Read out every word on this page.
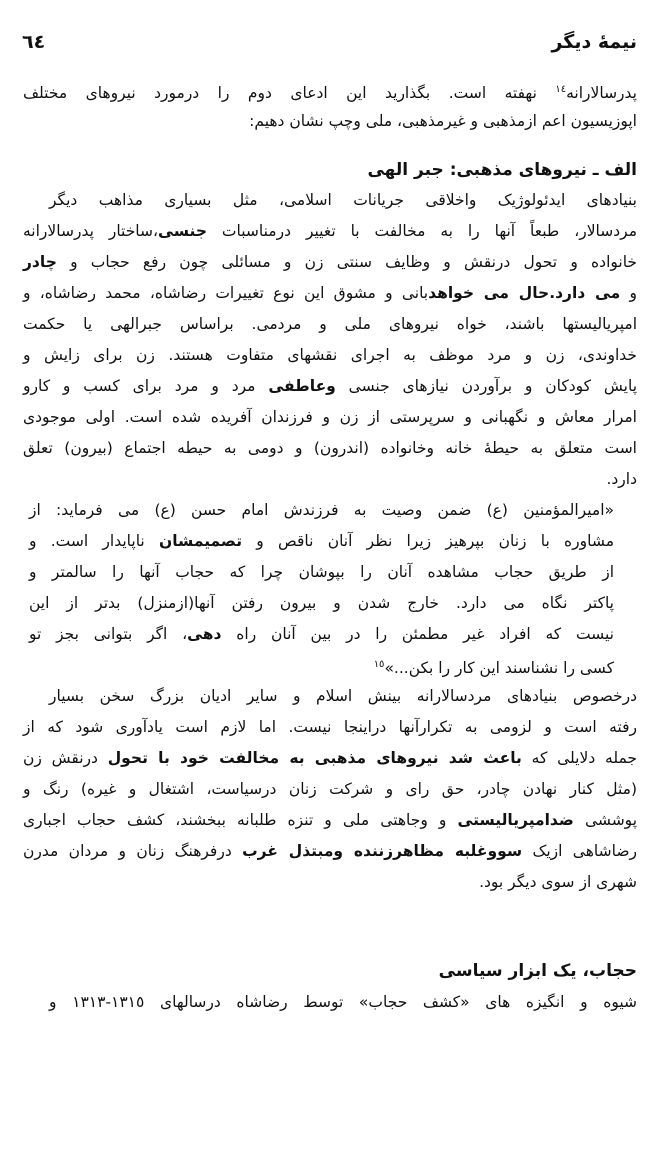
نیمهٔ دیگر
٦٤
پدرسالارانه$^{١٤}$ نهفته است. بگذارید این ادعای دوم را درمورد نیروهای مختلف
اپوزیسیون اعم ازمذهبی و غیرمذهبی، ملی وچپ نشان دهیم:
الف ـ نیروهای مذهبی: جبر الهی
بنیادهای ایدئولوژیک واخلاقی جریانات اسلامی، مثل بسیاری مذاهب دیگر
مردسالار، طبعاً آنها را به مخالفت با تغییر درمناسبات جنسی،ساختار پدرسالارانه
خانواده و تحول درنقش و وظایف سنتی زن و مسائلی چون رفع حجاب و چادر
و می دارد.حال می خواهدبانی و مشوق این نوع تغییرات رضاشاه، محمد رضاشاه، و
امپریالیستها باشند، خواه نیروهای ملی و مردمی. براساس جبرالهی یا حکمت
خداوندی، زن و مرد موظف به اجرای نقشهای متفاوت هستند. زن برای زایش و
پایش کودکان و برآوردن نیازهای جنسی وعاطفی مرد و مرد برای کسب و کارو
امرار معاش و نگهبانی و سرپرستی از زن و فرزندان آفریده شده است. اولی موجودی
است متعلق به حیطهٔ خانه وخانواده (اندرون) و دومی به حیطه اجتماع (بیرون) تعلق
دارد.
«امیرالمؤمنین (ع) ضمن وصیت به فرزندش امام حسن (ع) می فرماید: از
مشاوره با زنان بپرهیز زیرا نظر آنان ناقص و تصمیمشان ناپایدار است. و
از طریق حجاب مشاهده آنان را بپوشان چرا که حجاب آنها را سالمتر و
پاکتر نگاه می دارد. خارج شدن و بیرون رفتن آنها(ازمنزل) بدتر از این
نیست که افراد غیر مطمئن را در بین آنان راه دهی، اگر بتوانی بجز تو
کسی را نشناسند این کار را بکن...»$^{١٥}$
درخصوص بنیادهای مردسالارانه بینش اسلام و سایر ادیان بزرگ سخن بسیار
رفته است و لزومی به تکرارآنها دراینجا نیست. اما لازم است یادآوری شود که از
جمله دلایلی که باعث شد نیروهای مذهبی به مخالفت خود با تحول درنقش زن
(مثل کنار نهادن چادر، حق رای و شرکت زنان درسیاست، اشتغال و غیره) رنگ و
پوششی ضدامپریالیستی و وجاهتی ملی و تنزه طلبانه ببخشند، کشف حجاب اجباری
رضاشاهی ازیک سووغلبه مظاهرزننده ومبتذل غرب درفرهنگ زنان و مردان مدرن
شهری از سوی دیگر بود.
حجاب، یک ابزار سیاسی
شیوه و انگیزه های «کشف حجاب» توسط رضاشاه درسالهای ١٣١٥-١٣١٣ و
